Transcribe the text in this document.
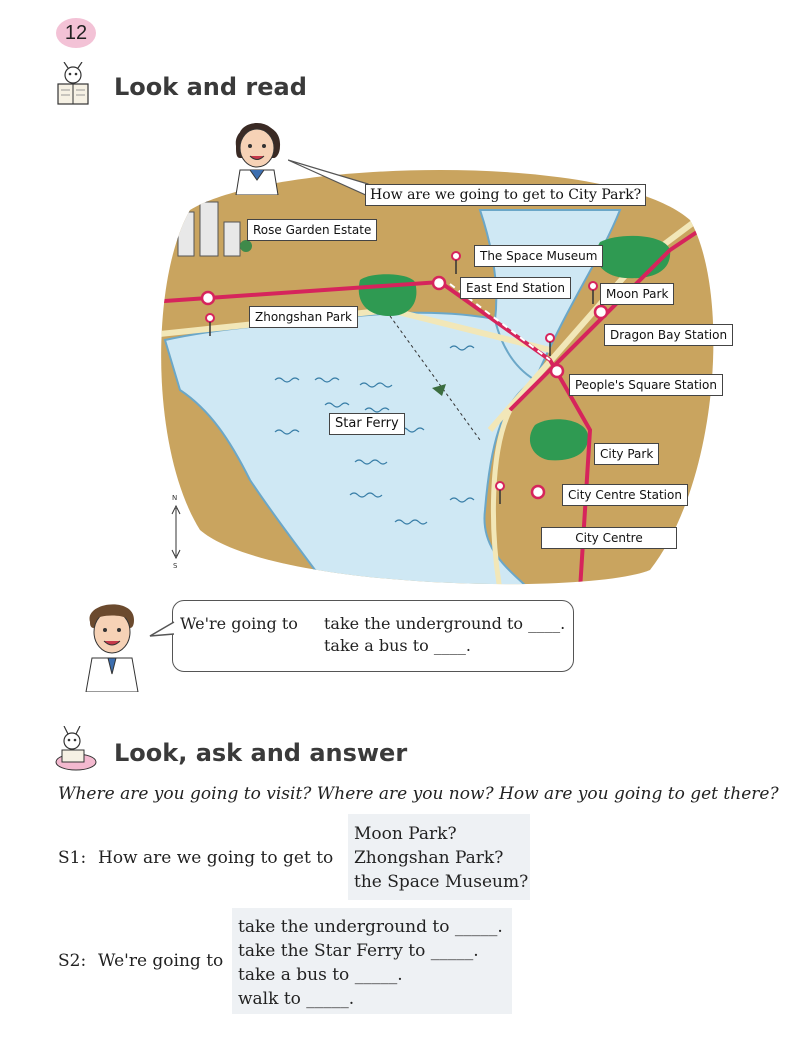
12
Look and read
N
S
How are we going to get to City Park?
Rose Garden Estate
The Space Museum
East End Station	Moon Park
Zhongshan Park
Dragon Bay Station
People's Square Station
Star Ferry
City Park
City Centre Station
City Centre
We're going to take the underground to ____.
take a bus to ____.
Look, ask and answer
Where are you going to visit? Where are you now? How are you going to get there?
S1: How are we going to get to
Moon Park?
Zhongshan Park?
the Space Museum?
S2: We're going to
take the underground to _____.
take the Star Ferry to _____.
take a bus to _____.
walk to _____.
